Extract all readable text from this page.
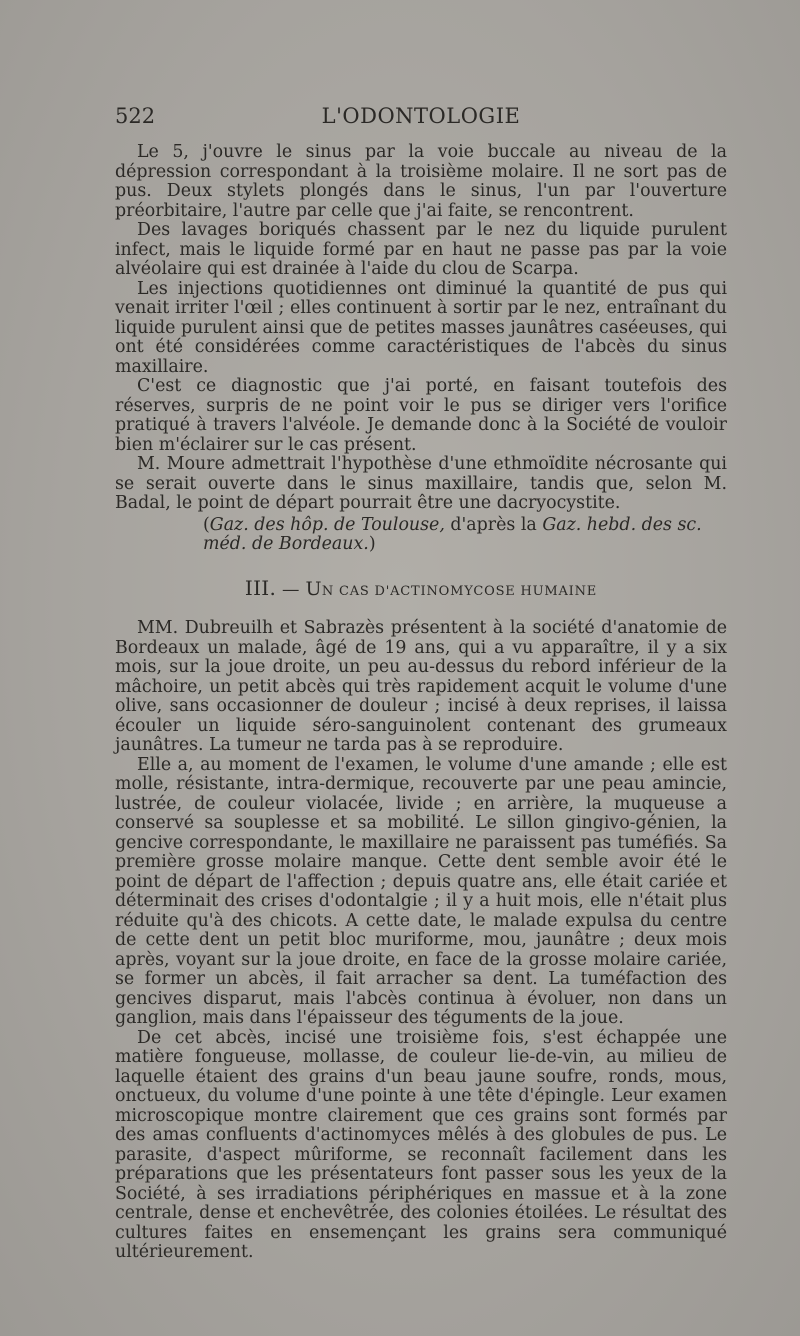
522	L'ODONTOLOGIE

Le 5, j'ouvre le sinus par la voie buccale au niveau de la dépression correspondant à la troisième molaire. Il ne sort pas de pus. Deux stylets plongés dans le sinus, l'un par l'ouverture préorbitaire, l'autre par celle que j'ai faite, se rencontrent.

Des lavages boriqués chassent par le nez du liquide purulent infect, mais le liquide formé par en haut ne passe pas par la voie alvéolaire qui est drainée à l'aide du clou de Scarpa.

Les injections quotidiennes ont diminué la quantité de pus qui venait irriter l'œil ; elles continuent à sortir par le nez, entraînant du liquide purulent ainsi que de petites masses jaunâtres caséeuses, qui ont été considérées comme caractéristiques de l'abcès du sinus maxillaire.

C'est ce diagnostic que j'ai porté, en faisant toutefois des réserves, surpris de ne point voir le pus se diriger vers l'orifice pratiqué à travers l'alvéole. Je demande donc à la Société de vouloir bien m'éclairer sur le cas présent.

M. Moure admettrait l'hypothèse d'une ethmoïdite nécrosante qui se serait ouverte dans le sinus maxillaire, tandis que, selon M. Badal, le point de départ pourrait être une dacryocystite.

(Gaz. des hôp. de Toulouse, d'après la Gaz. hebd. des sc. méd. de Bordeaux.)

III. — UN CAS D'ACTINOMYCOSE HUMAINE

MM. Dubreuilh et Sabrazès présentent à la société d'anatomie de Bordeaux un malade, âgé de 19 ans, qui a vu apparaître, il y a six mois, sur la joue droite, un peu au-dessus du rebord inférieur de la mâchoire, un petit abcès qui très rapidement acquit le volume d'une olive, sans occasionner de douleur ; incisé à deux reprises, il laissa écouler un liquide séro-sanguinolent contenant des grumeaux jaunâtres. La tumeur ne tarda pas à se reproduire.

Elle a, au moment de l'examen, le volume d'une amande ; elle est molle, résistante, intra-dermique, recouverte par une peau amincie, lustrée, de couleur violacée, livide ; en arrière, la muqueuse a conservé sa souplesse et sa mobilité. Le sillon gingivo-génien, la gencive correspondante, le maxillaire ne paraissent pas tuméfiés. Sa première grosse molaire manque. Cette dent semble avoir été le point de départ de l'affection ; depuis quatre ans, elle était cariée et déterminait des crises d'odontalgie ; il y a huit mois, elle n'était plus réduite qu'à des chicots. A cette date, le malade expulsa du centre de cette dent un petit bloc muriforme, mou, jaunâtre ; deux mois après, voyant sur la joue droite, en face de la grosse molaire cariée, se former un abcès, il fait arracher sa dent. La tuméfaction des gencives disparut, mais l'abcès continua à évoluer, non dans un ganglion, mais dans l'épaisseur des téguments de la joue.

De cet abcès, incisé une troisième fois, s'est échappée une matière fongueuse, mollasse, de couleur lie-de-vin, au milieu de laquelle étaient des grains d'un beau jaune soufre, ronds, mous, onctueux, du volume d'une pointe à une tête d'épingle. Leur examen microscopique montre clairement que ces grains sont formés par des amas confluents d'actinomyces mêlés à des globules de pus. Le parasite, d'aspect mûriforme, se reconnaît facilement dans les préparations que les présentateurs font passer sous les yeux de la Société, à ses irradiations périphériques en massue et à la zone centrale, dense et enchevêtrée, des colonies étoilées. Le résultat des cultures faites en ensemençant les grains sera communiqué ultérieurement.
